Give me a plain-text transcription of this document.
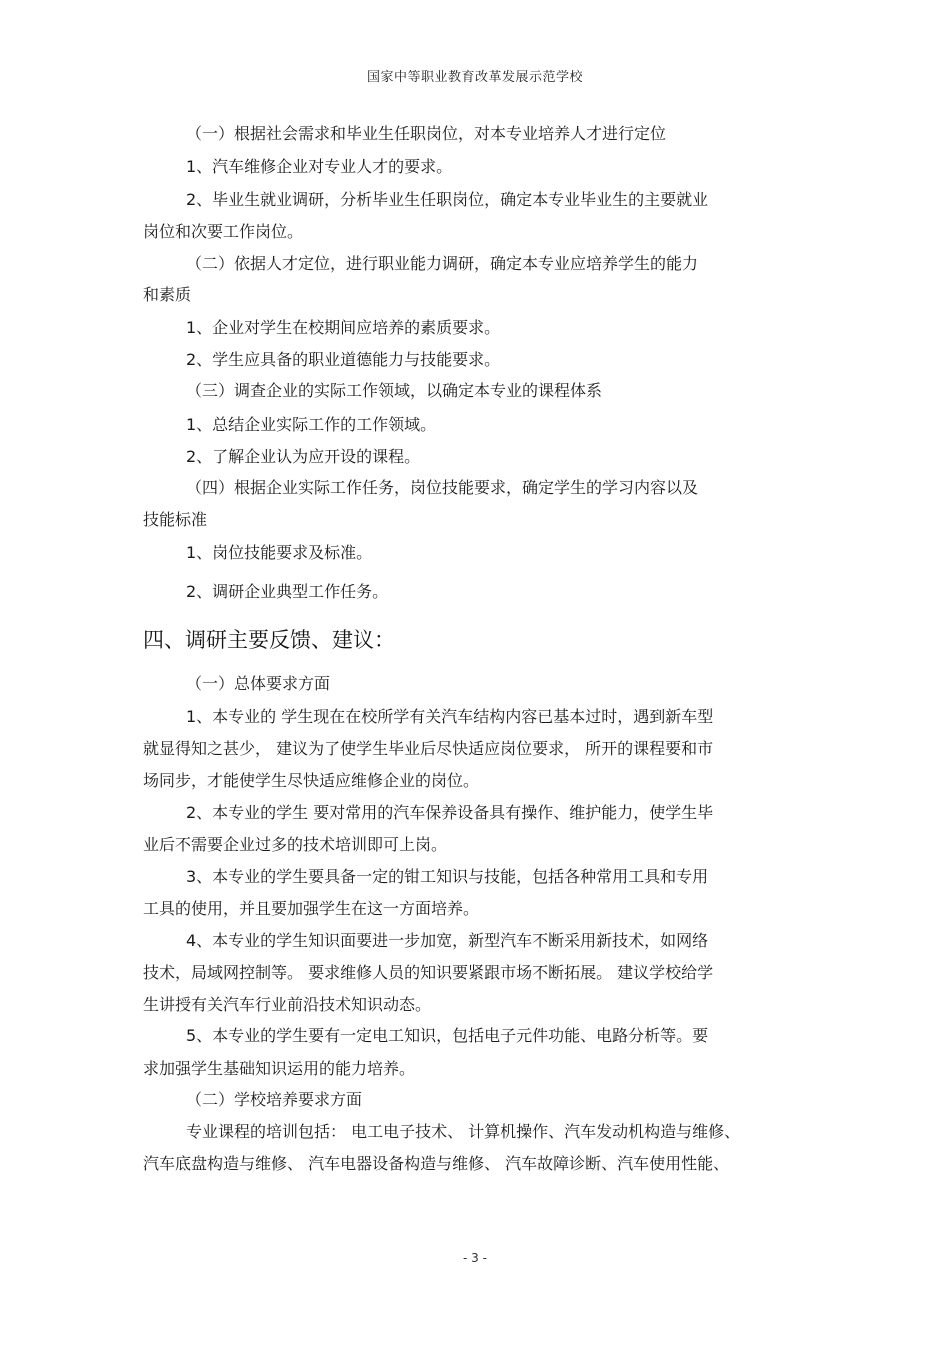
国家中等职业教育改革发展示范学校
（一）根据社会需求和毕业生任职岗位，对本专业培养人才进行定位
1、汽车维修企业对专业人才的要求。
2、毕业生就业调研，分析毕业生任职岗位，确定本专业毕业生的主要就业
岗位和次要工作岗位。
（二）依据人才定位，进行职业能力调研，确定本专业应培养学生的能力
和素质
1、企业对学生在校期间应培养的素质要求。
2、学生应具备的职业道德能力与技能要求。
（三）调查企业的实际工作领域，以确定本专业的课程体系
1、总结企业实际工作的工作领域。
2、了解企业认为应开设的课程。
（四）根据企业实际工作任务，岗位技能要求，确定学生的学习内容以及
技能标准
1、岗位技能要求及标准。
2、调研企业典型工作任务。
四、调研主要反馈、建议：
（一）总体要求方面
1、本专业的 学生现在在校所学有关汽车结构内容已基本过时，遇到新车型
就显得知之甚少， 建议为了使学生毕业后尽快适应岗位要求， 所开的课程要和市
场同步，才能使学生尽快适应维修企业的岗位。
2、本专业的学生 要对常用的汽车保养设备具有操作、维护能力，使学生毕
业后不需要企业过多的技术培训即可上岗。
3、本专业的学生要具备一定的钳工知识与技能，包括各种常用工具和专用
工具的使用，并且要加强学生在这一方面培养。
4、本专业的学生知识面要进一步加宽，新型汽车不断采用新技术，如网络
技术，局域网控制等。 要求维修人员的知识要紧跟市场不断拓展。 建议学校给学
生讲授有关汽车行业前沿技术知识动态。
5、本专业的学生要有一定电工知识，包括电子元件功能、电路分析等。要
求加强学生基础知识运用的能力培养。
（二）学校培养要求方面
专业课程的培训包括： 电工电子技术、 计算机操作、汽车发动机构造与维修、
汽车底盘构造与维修、 汽车电器设备构造与维修、 汽车故障诊断、汽车使用性能、
- 3 -
